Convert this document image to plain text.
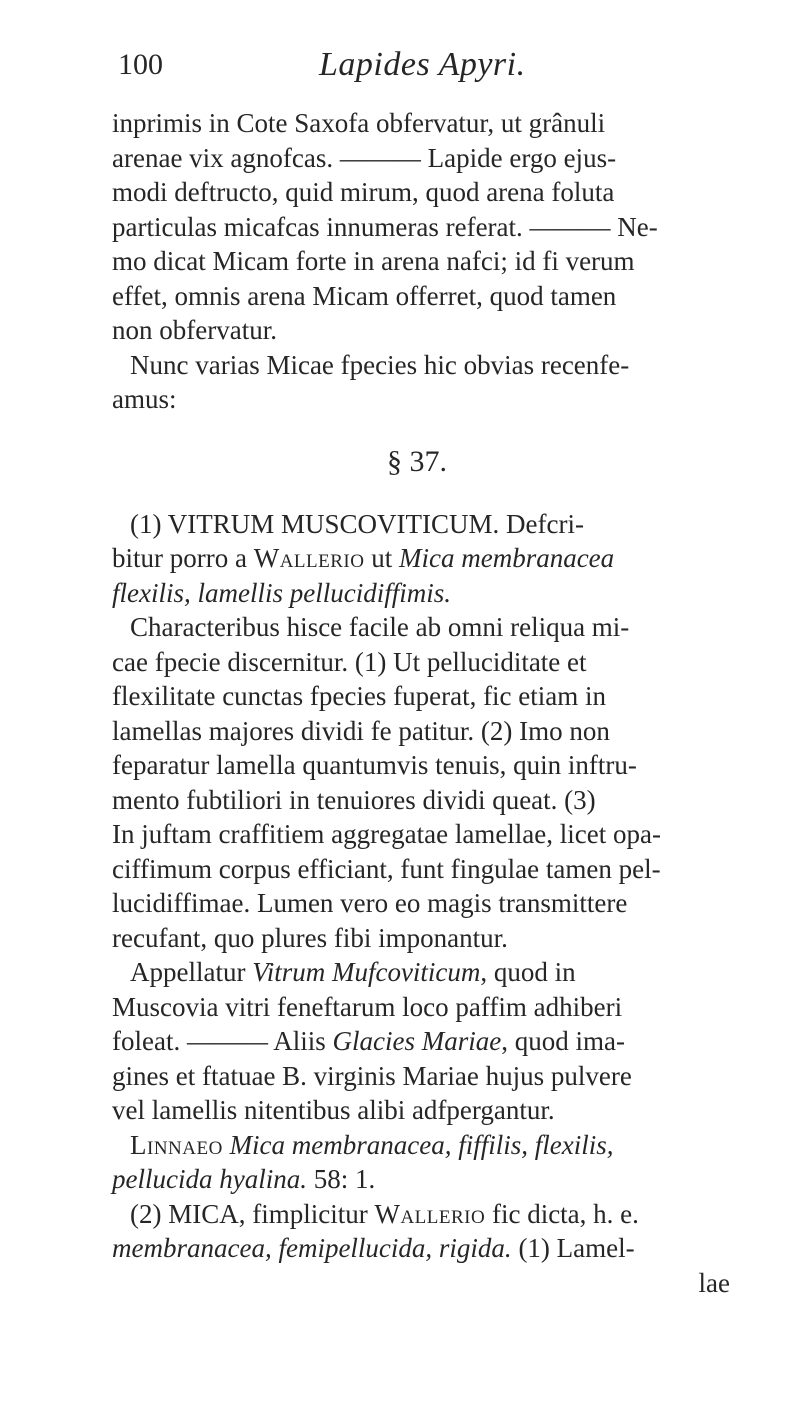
100	Lapides Apyri.
inprimis in Cote Saxofa obfervatur, ut grânuli
arenae vix agnofcas. ——— Lapide ergo ejus-
modi deftructo, quid mirum, quod arena foluta
particulas micafcas innumeras referat. ——— Ne-
mo dicat Micam forte in arena nafci; id fi verum
effet, omnis arena Micam offerret, quod tamen
non obfervatur.
Nunc varias Micae fpecies hic obvias recenfe-
amus:
§ 37.
(1) VITRUM MUSCOVITICUM. Defcri-
bitur porro a Wallerio ut Mica membranacea
flexilis, lamellis pellucidiffimis.
Characteribus hisce facile ab omni reliqua mi-
cae fpecie discernitur. (1) Ut pelluciditate et
flexilitate cunctas fpecies fuperat, fic etiam in
lamellas majores dividi fe patitur. (2) Imo non
feparatur lamella quantumvis tenuis, quin inftru-
mento fubtiliori in tenuiores dividi queat. (3)
In juftam craffitiem aggregatae lamellae, licet opa-
ciffimum corpus efficiant, funt fingulae tamen pel-
lucidiffimae. Lumen vero eo magis transmittere
recufant, quo plures fibi imponantur.
Appellatur Vitrum Mufcoviticum, quod in
Muscovia vitri feneftarum loco paffim adhiberi
foleat. ——— Aliis Glacies Mariae, quod ima-
gines et ftatuae B. virginis Mariae hujus pulvere
vel lamellis nitentibus alibi adfpergantur.
Linnaeo Mica membranacea, fiffilis, flexilis,
pellucida hyalina. 58: 1.
(2) MICA, fimplicitur Wallerio fic dicta, h. e.
membranacea, femipellucida, rigida. (1) Lamel-
lae
